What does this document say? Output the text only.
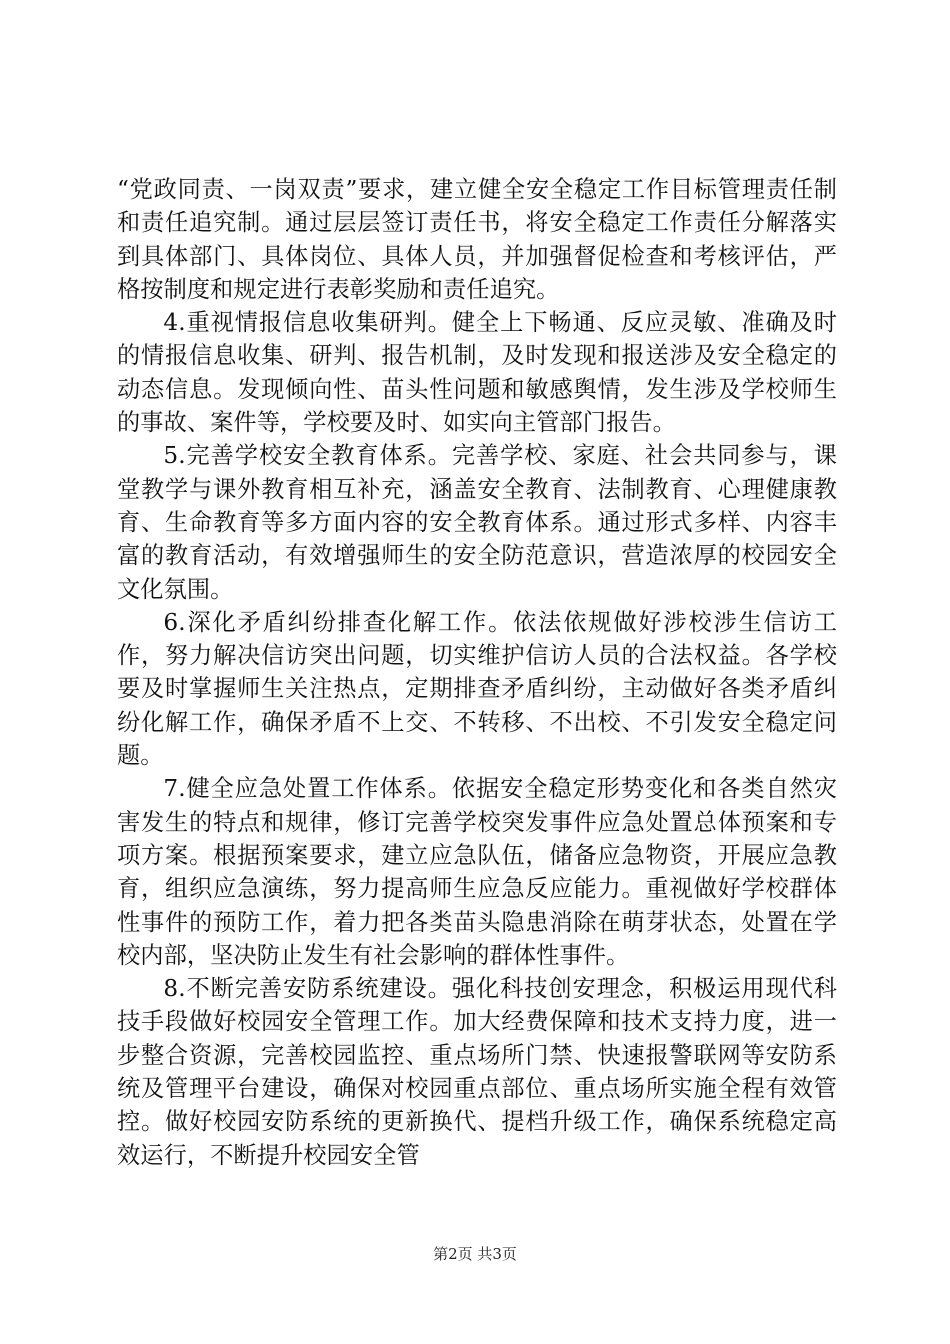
“党政同责、一岗双责”要求，建立健全安全稳定工作目标管理责任制和责任追究制。通过层层签订责任书，将安全稳定工作责任分解落实到具体部门、具体岗位、具体人员，并加强督促检查和考核评估，严格按制度和规定进行表彰奖励和责任追究。

4.重视情报信息收集研判。健全上下畅通、反应灵敏、准确及时的情报信息收集、研判、报告机制，及时发现和报送涉及安全稳定的动态信息。发现倾向性、苗头性问题和敏感舆情，发生涉及学校师生的事故、案件等，学校要及时、如实向主管部门报告。

5.完善学校安全教育体系。完善学校、家庭、社会共同参与，课堂教学与课外教育相互补充，涵盖安全教育、法制教育、心理健康教育、生命教育等多方面内容的安全教育体系。通过形式多样、内容丰富的教育活动，有效增强师生的安全防范意识，营造浓厚的校园安全文化氛围。

6.深化矛盾纠纷排查化解工作。依法依规做好涉校涉生信访工作，努力解决信访突出问题，切实维护信访人员的合法权益。各学校要及时掌握师生关注热点，定期排查矛盾纠纷，主动做好各类矛盾纠纷化解工作，确保矛盾不上交、不转移、不出校、不引发安全稳定问题。

7.健全应急处置工作体系。依据安全稳定形势变化和各类自然灾害发生的特点和规律，修订完善学校突发事件应急处置总体预案和专项方案。根据预案要求，建立应急队伍，储备应急物资，开展应急教育，组织应急演练，努力提高师生应急反应能力。重视做好学校群体性事件的预防工作，着力把各类苗头隐患消除在萌芽状态，处置在学校内部，坚决防止发生有社会影响的群体性事件。

8.不断完善安防系统建设。强化科技创安理念，积极运用现代科技手段做好校园安全管理工作。加大经费保障和技术支持力度，进一步整合资源，完善校园监控、重点场所门禁、快速报警联网等安防系统及管理平台建设，确保对校园重点部位、重点场所实施全程有效管控。做好校园安防系统的更新换代、提档升级工作，确保系统稳定高效运行，不断提升校园安全管

第2页 共3页
